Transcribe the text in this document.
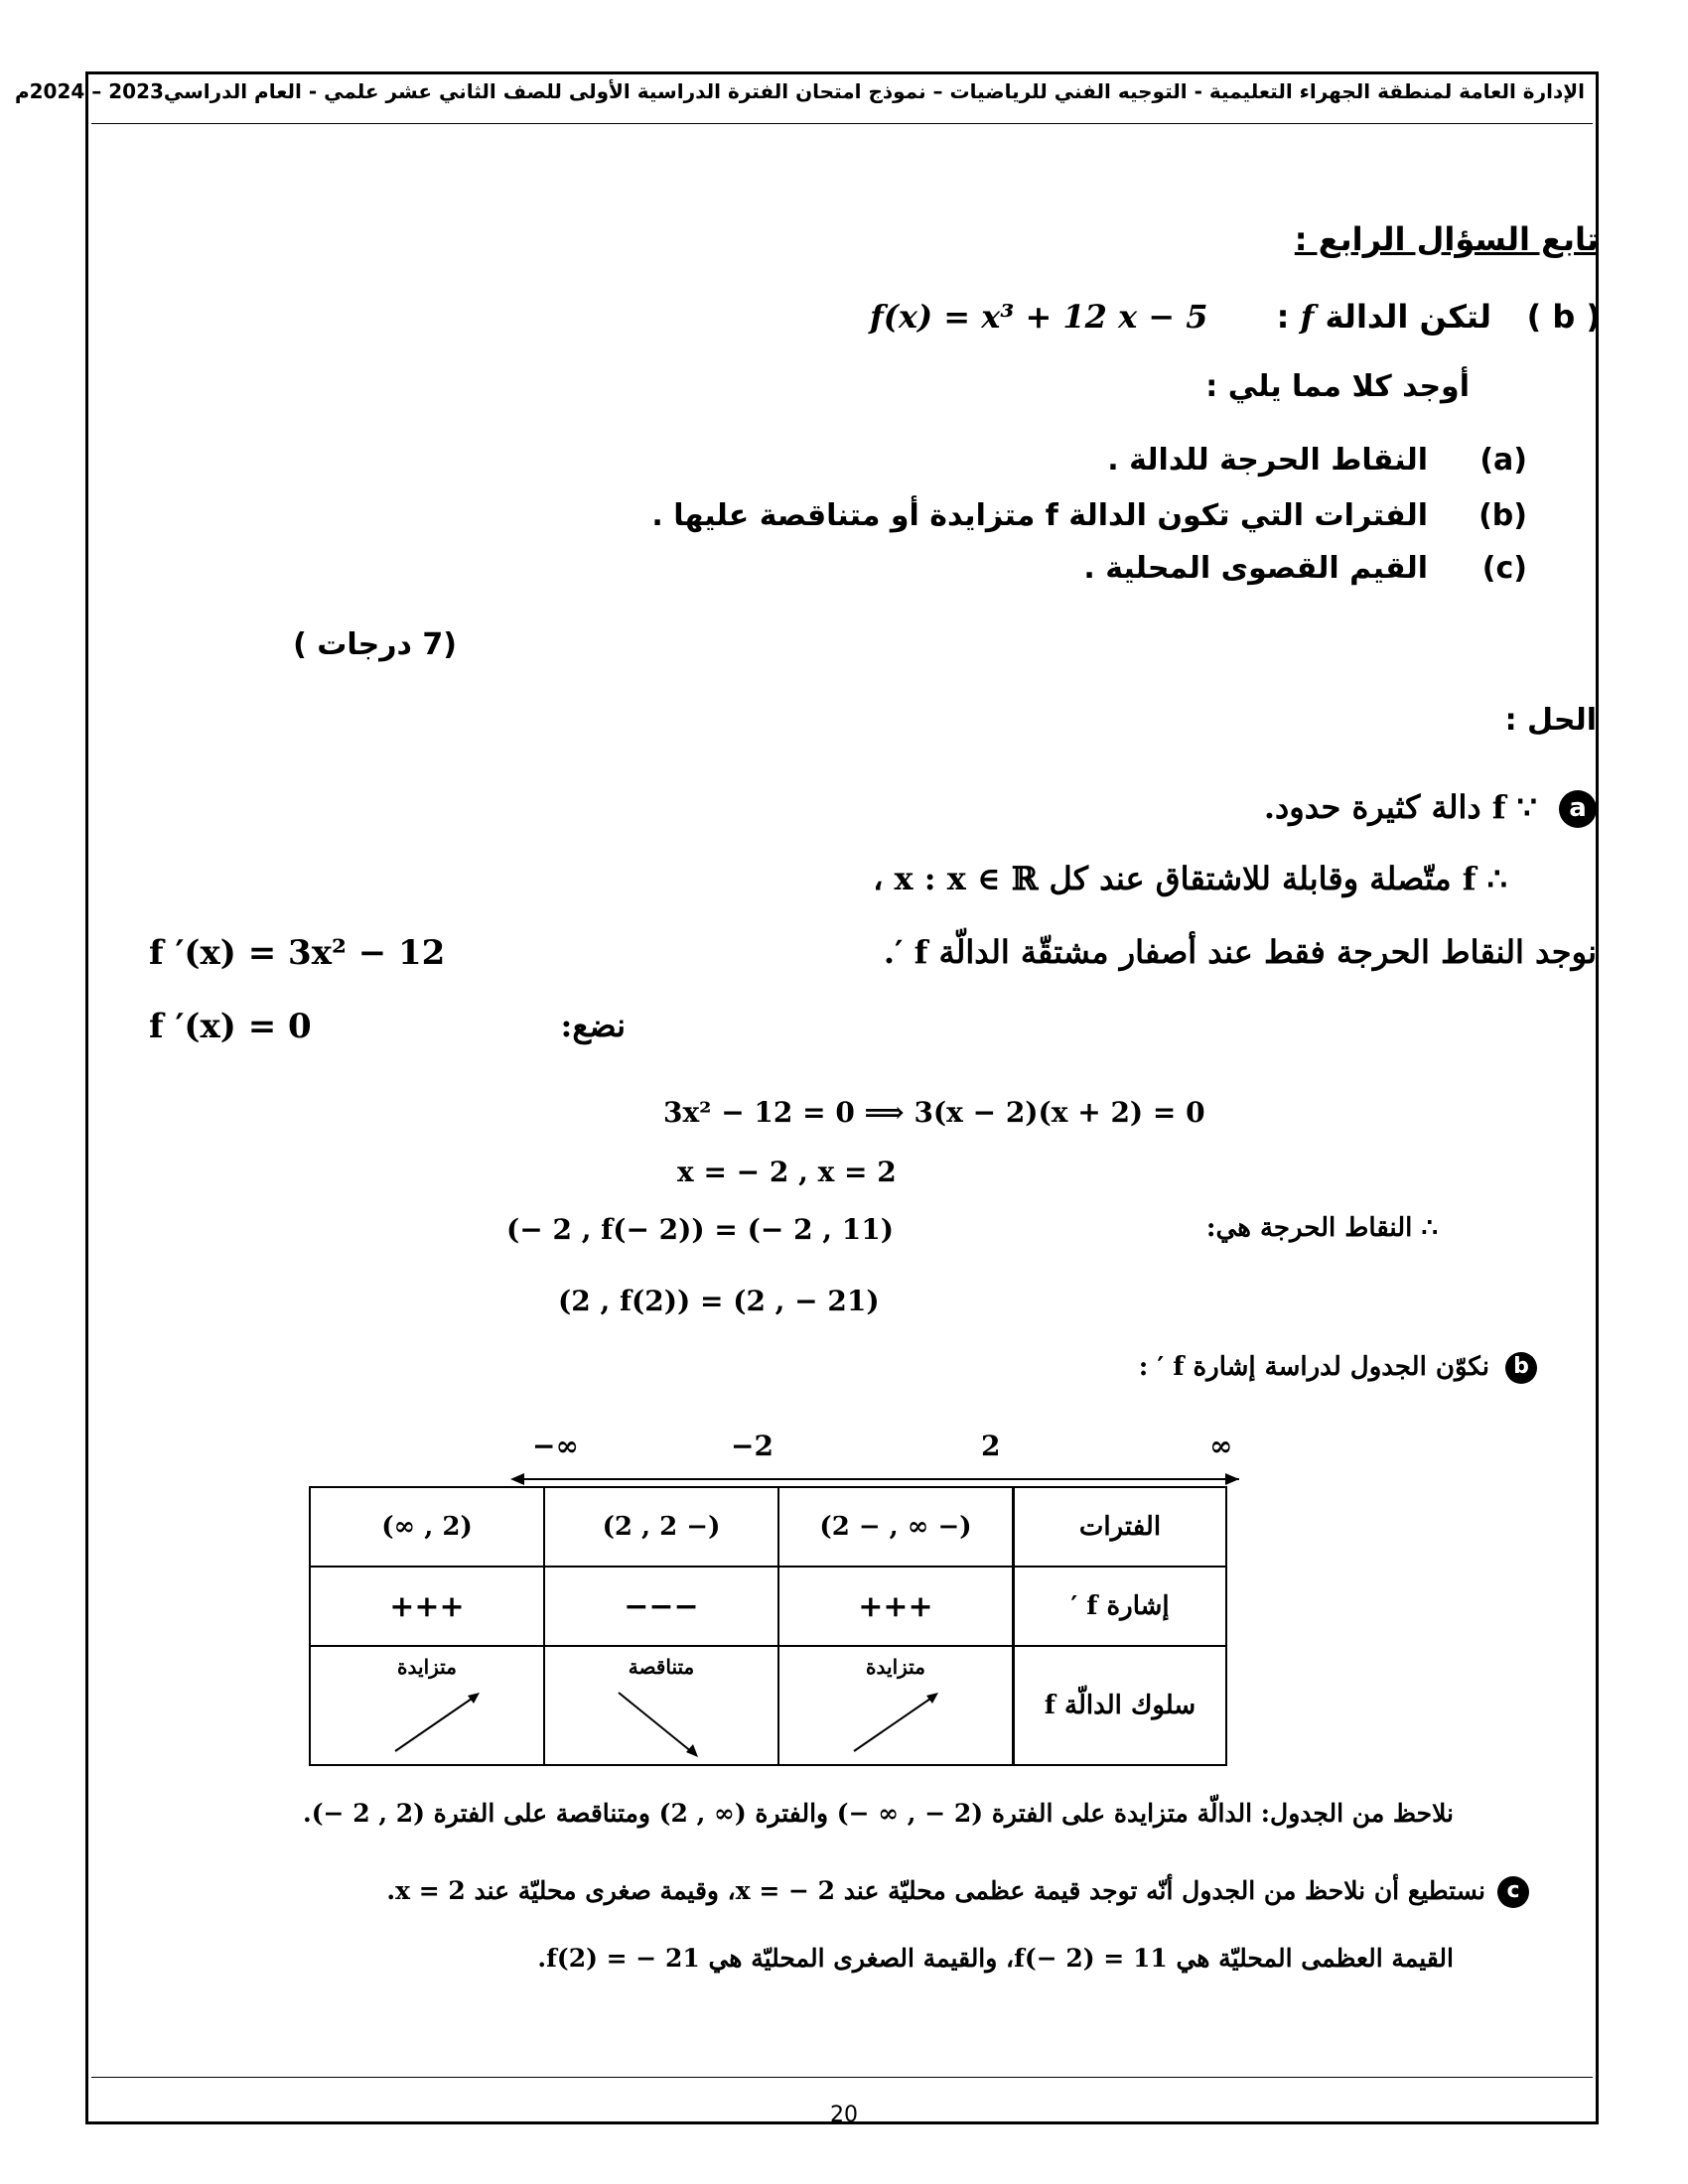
الإدارة العامة لمنطقة الجهراء التعليمية - التوجيه الفني للرياضيات – نموذج امتحان الفترة الدراسية الأولى للصف الثاني عشر علمي - العام الدراسي2023 – 2024م
تابع السؤال الرابع :
( b )
لتكن الدالة f :
f(x) = x³ + 12 x − 5
أوجد كلا مما يلي :
(a)
النقاط الحرجة للدالة .
(b)
الفترات التي تكون الدالة f متزايدة أو متناقصة عليها .
(c)
القيم القصوى المحلية .
(7 درجات )
الحل :
a
∵ f دالة كثيرة حدود.
∴ f متّصلة وقابلة للاشتقاق عند كل x : x ∈ ℝ ،
نوجد النقاط الحرجة فقط عند أصفار مشتقّة الدالّة f ′.
f ′(x) = 3x² − 12
نضع:
f ′(x) = 0
3x² − 12 = 0 ⟹ 3(x − 2)(x + 2) = 0
x = − 2 , x = 2
∴ النقاط الحرجة هي:
(− 2 , f(− 2)) = (− 2 , 11)
(2 , f(2)) = (2 , − 21)
b
نكوّن الجدول لدراسة إشارة f ′ :
−∞	−2	2	∞
الفترات	(− ∞ , − 2)	(− 2 , 2)	(2 , ∞)
إشارة f ′	+++	−−−	+++
سلوك الدالّة f	متزايدة	متناقصة	متزايدة
نلاحظ من الجدول: الدالّة متزايدة على الفترة (2 − , ∞ −) والفترة (∞ , 2) ومتناقصة على الفترة (2 , 2 −).
c
نستطيع أن نلاحظ من الجدول أنّه توجد قيمة عظمى محليّة عند 2 − = x، وقيمة صغرى محليّة عند 2 = x.
القيمة العظمى المحليّة هي 11 = (2 −)f، والقيمة الصغرى المحليّة هي 21 − = (2)f.
20
